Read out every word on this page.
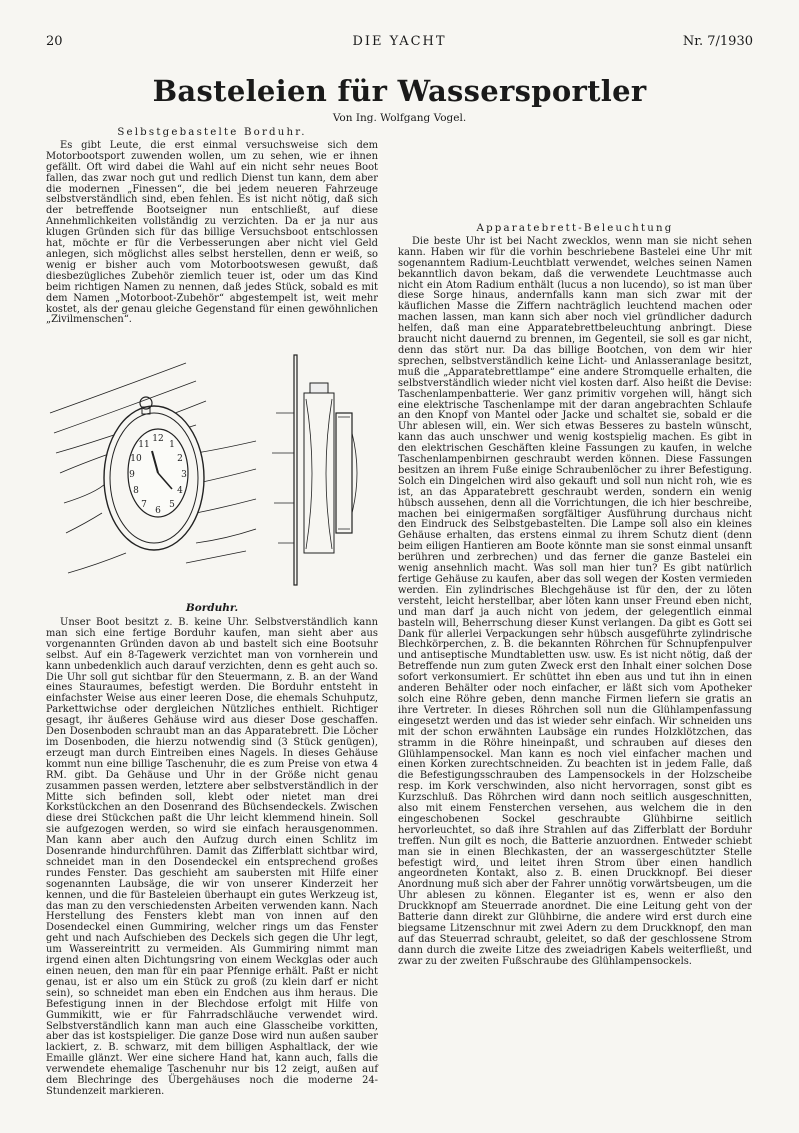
20	DIE YACHT	Nr. 7/1930
Basteleien für Wassersportler
Von Ing. Wolfgang Vogel.
Selbstgebastelte Borduhr.

Es gibt Leute, die erst einmal versuchsweise sich dem Motorbootsport zuwenden wollen, um zu sehen, wie er ihnen gefällt. Oft wird dabei die Wahl auf ein nicht sehr neues Boot fallen, das zwar noch gut und redlich Dienst tun kann, dem aber die modernen „Finessen“, die bei jedem neueren Fahrzeuge selbstverständlich sind, eben fehlen. Es ist nicht nötig, daß sich der betreffende Bootseigner nun entschließt, auf diese Annehmlichkeiten vollständig zu verzichten. Da er ja nur aus klugen Gründen sich für das billige Versuchsboot entschlossen hat, möchte er für die Verbesserungen aber nicht viel Geld anlegen, sich möglichst alles selbst herstellen, denn er weiß, so wenig er bisher auch vom Motorbootswesen gewußt, daß diesbezügliches Zubehör ziemlich teuer ist, oder um das Kind beim richtigen Namen zu nennen, daß jedes Stück, sobald es mit dem Namen „Motorboot-Zubehör“ abgestempelt ist, weit mehr kostet, als der genau gleiche Gegenstand für einen gewöhnlichen „Zivilmenschen“.

12
1
2
3
4
5
6
7
8
9
10
11
Borduhr.

Unser Boot besitzt z. B. keine Uhr. Selbstverständlich kann man sich eine fertige Borduhr kaufen, man sieht aber aus vorgenannten Gründen davon ab und bastelt sich eine Bootsuhr selbst. Auf ein 8-Tagewerk verzichtet man von vornherein und kann unbedenklich auch darauf verzichten, denn es geht auch so. Die Uhr soll gut sichtbar für den Steuermann, z. B. an der Wand eines Stauraumes, befestigt werden. Die Borduhr entsteht in einfachster Weise aus einer leeren Dose, die ehemals Schuhputz, Parkettwichse oder dergleichen Nützliches enthielt. Richtiger gesagt, ihr äußeres Gehäuse wird aus dieser Dose geschaffen. Den Dosenboden schraubt man an das Apparatebrett. Die Löcher im Dosenboden, die hierzu notwendig sind (3 Stück genügen), erzeugt man durch Eintreiben eines Nagels. In dieses Gehäuse kommt nun eine billige Taschenuhr, die es zum Preise von etwa 4 RM. gibt. Da Gehäuse und Uhr in der Größe nicht genau zusammen passen werden, letztere aber selbstverständlich in der Mitte sich befinden soll, klebt oder nietet man drei Korkstückchen an den Dosenrand des Büchsendeckels. Zwischen diese drei Stückchen paßt die Uhr leicht klemmend hinein. Soll sie aufgezogen werden, so wird sie einfach herausgenommen. Man kann aber auch den Aufzug durch einen Schlitz im Dosenrande hindurchführen. Damit das Zifferblatt sichtbar wird, schneidet man in den Dosendeckel ein entsprechend großes rundes Fenster. Das geschieht am saubersten mit Hilfe einer sogenannten Laubsäge, die wir von unserer Kinderzeit her kennen, und die für Basteleien überhaupt ein gutes Werkzeug ist, das man zu den verschiedensten Arbeiten verwenden kann. Nach Herstellung des Fensters klebt man von innen auf den Dosendeckel einen Gummiring, welcher rings um das Fenster geht und nach Aufschieben des Deckels sich gegen die Uhr legt, um Wassereintritt zu vermeiden. Als Gummiring nimmt man irgend einen alten Dichtungsring von einem Weckglas oder auch einen neuen, den man für ein paar Pfennige erhält. Paßt er nicht genau, ist er also um ein Stück zu groß (zu klein darf er nicht sein), so schneidet man eben ein Endchen aus ihm heraus. Die Befestigung innen in der Blechdose erfolgt mit Hilfe von Gummikitt, wie er für Fahrradschläuche verwendet wird. Selbstverständlich kann man auch eine Glasscheibe vorkitten, aber das ist kostspieliger. Die ganze Dose wird nun außen sauber lackiert, z. B. schwarz, mit dem billigen Asphaltlack, der wie Emaille glänzt. Wer eine sichere Hand hat, kann auch, falls die verwendete ehemalige Taschenuhr nur bis 12 zeigt, außen auf dem Blechringe des Übergehäuses noch die moderne 24-Stundenzeit markieren.

Apparatebrett-Beleuchtung

Die beste Uhr ist bei Nacht zwecklos, wenn man sie nicht sehen kann. Haben wir für die vorhin beschriebene Bastelei eine Uhr mit sogenanntem Radium-Leuchtblatt verwendet, welches seinen Namen bekanntlich davon bekam, daß die verwendete Leuchtmasse auch nicht ein Atom Radium enthält (lucus a non lucendo), so ist man über diese Sorge hinaus, andernfalls kann man sich zwar mit der käuflichen Masse die Ziffern nachträglich leuchtend machen oder machen lassen, man kann sich aber noch viel gründlicher dadurch helfen, daß man eine Apparatebrettbeleuchtung anbringt. Diese braucht nicht dauernd zu brennen, im Gegenteil, sie soll es gar nicht, denn das stört nur. Da das billige Bootchen, von dem wir hier sprechen, selbstverständlich keine Licht- und Anlasseranlage besitzt, muß die „Apparatebrettlampe“ eine andere Stromquelle erhalten, die selbstverständlich wieder nicht viel kosten darf. Also heißt die Devise: Taschenlampenbatterie. Wer ganz primitiv vorgehen will, hängt sich eine elektrische Taschenlampe mit der daran angebrachten Schlaufe an den Knopf von Mantel oder Jacke und schaltet sie, sobald er die Uhr ablesen will, ein. Wer sich etwas Besseres zu basteln wünscht, kann das auch unschwer und wenig kostspielig machen. Es gibt in den elektrischen Geschäften kleine Fassungen zu kaufen, in welche Taschenlampenbirnen geschraubt werden können. Diese Fassungen besitzen an ihrem Fuße einige Schraubenlöcher zu ihrer Befestigung. Solch ein Dingelchen wird also gekauft und soll nun nicht roh, wie es ist, an das Apparatebrett geschraubt werden, sondern ein wenig hübsch aussehen, denn all die Vorrichtungen, die ich hier beschreibe, machen bei einigermaßen sorgfältiger Ausführung durchaus nicht den Eindruck des Selbstgebastelten. Die Lampe soll also ein kleines Gehäuse erhalten, das erstens einmal zu ihrem Schutz dient (denn beim eiligen Hantieren am Boote könnte man sie sonst einmal unsanft berühren und zerbrechen) und das ferner die ganze Bastelei ein wenig ansehnlich macht. Was soll man hier tun? Es gibt natürlich fertige Gehäuse zu kaufen, aber das soll wegen der Kosten vermieden werden. Ein zylindrisches Blechgehäuse ist für den, der zu löten versteht, leicht herstellbar, aber löten kann unser Freund eben nicht, und man darf ja auch nicht von jedem, der gelegentlich einmal basteln will, Beherrschung dieser Kunst verlangen. Da gibt es Gott sei Dank für allerlei Verpackungen sehr hübsch ausgeführte zylindrische Blechkörperchen, z. B. die bekannten Röhrchen für Schnupfenpulver und antiseptische Mundtabletten usw. usw. Es ist nicht nötig, daß der Betreffende nun zum guten Zweck erst den Inhalt einer solchen Dose sofort verkonsumiert. Er schüttet ihn eben aus und tut ihn in einen anderen Behälter oder noch einfacher, er läßt sich vom Apotheker solch eine Röhre geben, denn manche Firmen liefern sie gratis an ihre Vertreter. In dieses Röhrchen soll nun die Glühlampenfassung eingesetzt werden und das ist wieder sehr einfach. Wir schneiden uns mit der schon erwähnten Laubsäge ein rundes Holzklötzchen, das stramm in die Röhre hineinpaßt, und schrauben auf dieses den Glühlampensockel. Man kann es noch viel einfacher machen und einen Korken zurechtschneiden. Zu beachten ist in jedem Falle, daß die Befestigungsschrauben des Lampensockels in der Holzscheibe resp. im Kork verschwinden, also nicht hervorragen, sonst gibt es Kurzschluß. Das Röhrchen wird dann noch seitlich ausgeschnitten, also mit einem Fensterchen versehen, aus welchem die in den eingeschobenen Sockel geschraubte Glühbirne seitlich hervorleuchtet, so daß ihre Strahlen auf das Zifferblatt der Borduhr treffen. Nun gilt es noch, die Batterie anzuordnen. Entweder schiebt man sie in einen Blechkasten, der an wassergeschützter Stelle befestigt wird, und leitet ihren Strom über einen handlich angeordneten Kontakt, also z. B. einen Druckknopf. Bei dieser Anordnung muß sich aber der Fahrer unnötig vorwärtsbeugen, um die Uhr ablesen zu können. Eleganter ist es, wenn er also den Druckknopf am Steuerrade anordnet. Die eine Leitung geht von der Batterie dann direkt zur Glühbirne, die andere wird erst durch eine biegsame Litzenschnur mit zwei Adern zu dem Druckknopf, den man auf das Steuerrad schraubt, geleitet, so daß der geschlossene Strom dann durch die zweite Litze des zweiadrigen Kabels weiterfließt, und zwar zu der zweiten Fußschraube des Glühlampensockels.
